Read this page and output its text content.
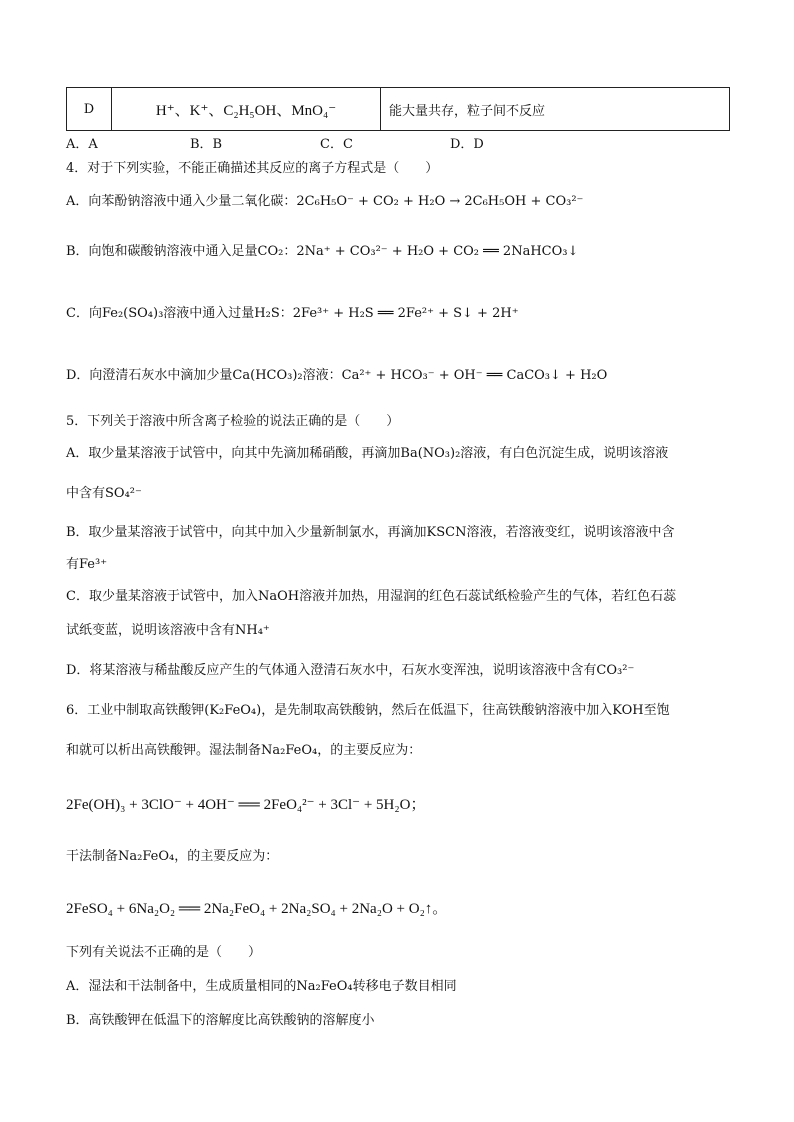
D	H⁺、K⁺、C₂H₅OH、MnO₄⁻	能大量共存，粒子间不反应
A．A	B．B	C．C	D．D
4．对于下列实验，不能正确描述其反应的离子方程式是（　　）
A．向苯酚钠溶液中通入少量二氧化碳：2C₆H₅O⁻ + CO₂ + H₂O → 2C₆H₅OH + CO₃²⁻
B．向饱和碳酸钠溶液中通入足量CO₂：2Na⁺ + CO₃²⁻ + H₂O + CO₂ ══ 2NaHCO₃↓
C．向Fe₂(SO₄)₃溶液中通入过量H₂S：2Fe³⁺ + H₂S ══ 2Fe²⁺ + S↓ + 2H⁺
D．向澄清石灰水中滴加少量Ca(HCO₃)₂溶液：Ca²⁺ + HCO₃⁻ + OH⁻ ══ CaCO₃↓ + H₂O
5．下列关于溶液中所含离子检验的说法正确的是（　　）
A．取少量某溶液于试管中，向其中先滴加稀硝酸，再滴加Ba(NO₃)₂溶液，有白色沉淀生成，说明该溶液
中含有SO₄²⁻
B．取少量某溶液于试管中，向其中加入少量新制氯水，再滴加KSCN溶液，若溶液变红，说明该溶液中含
有Fe³⁺
C．取少量某溶液于试管中，加入NaOH溶液并加热，用湿润的红色石蕊试纸检验产生的气体，若红色石蕊
试纸变蓝，说明该溶液中含有NH₄⁺
D．将某溶液与稀盐酸反应产生的气体通入澄清石灰水中，石灰水变浑浊，说明该溶液中含有CO₃²⁻
6．工业中制取高铁酸钾(K₂FeO₄)，是先制取高铁酸钠，然后在低温下，往高铁酸钠溶液中加入KOH至饱
和就可以析出高铁酸钾。湿法制备Na₂FeO₄，的主要反应为：
2Fe(OH)₃ + 3ClO⁻ + 4OH⁻ ══ 2FeO₄²⁻ + 3Cl⁻ + 5H₂O；
干法制备Na₂FeO₄，的主要反应为：
2FeSO₄ + 6Na₂O₂ ══ 2Na₂FeO₄ + 2Na₂SO₄ + 2Na₂O + O₂↑。
下列有关说法不正确的是（　　）
A．湿法和干法制备中，生成质量相同的Na₂FeO₄转移电子数目相同
B．高铁酸钾在低温下的溶解度比高铁酸钠的溶解度小
